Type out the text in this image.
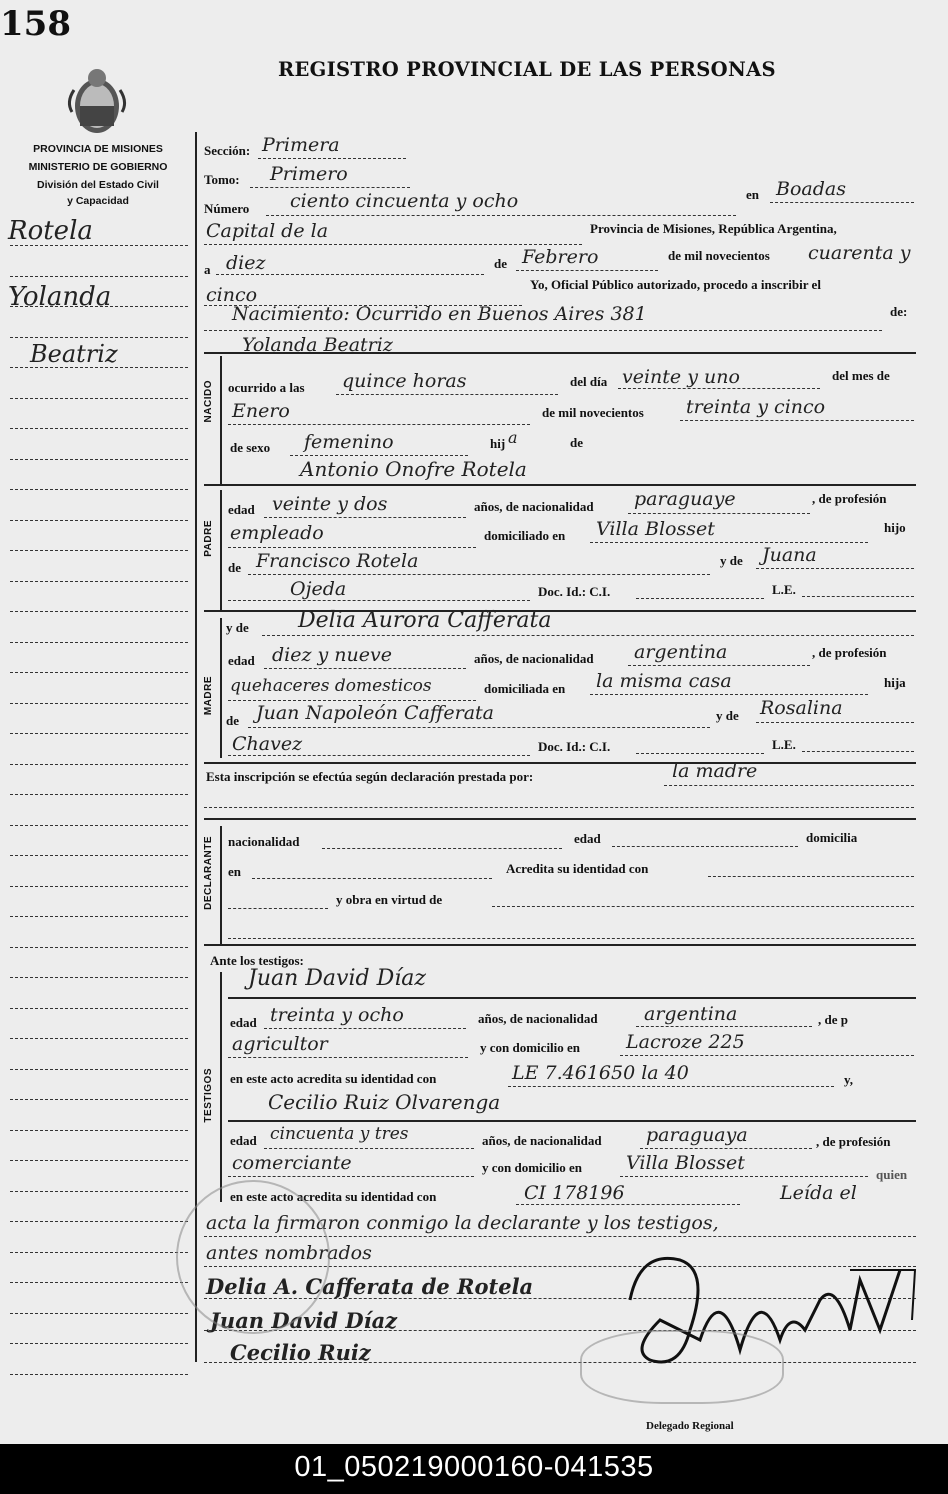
158
REGISTRO PROVINCIAL DE LAS PERSONAS
PROVINCIA DE MISIONES
MINISTERIO DE GOBIERNO
División del Estado Civil
y Capacidad
Rotela
Yolanda
Beatriz
Sección: Primera
Tomo: Primero
Número ciento cincuenta y ocho	en Boadas
Capital de la	Provincia de Misiones, República Argentina,
a diez	de Febrero	de mil novecientos cuarenta y
cinco	Yo, Oficial Público autorizado, procedo a inscribir el
Nacimiento: Ocurrido en Buenos Aires 381	de:
Yolanda Beatriz
NACIDO ocurrido a las quince horas	del día veinte y uno	del mes de
Enero	de mil novecientos treinta y cinco
de sexo femenino	hij a	de
Antonio Onofre Rotela
PADRE
edad veinte y dos	años, de nacionalidad paraguaye	, de profesión
empleado	domiciliado en Villa Blosset	hijo
de Francisco Rotela	y de Juana
Ojeda	Doc. Id.: C.I.	L.E.
MADRE
y de Delia Aurora Cafferata
edad diez y nueve	años, de nacionalidad argentina	, de profesión
quehaceres domesticos	domiciliada en la misma casa	hija
de Juan Napoleón Cafferata	y de Rosalina
Chavez	Doc. Id.: C.I.	L.E.
Esta inscripción se efectúa según declaración prestada por:	la madre
DECLARANTE nacionalidad	edad	domicilia
en	Acredita su identidad con
y obra en virtud de
Ante los testigos:
TESTIGOS
Juan David Díaz
edad treinta y ocho	años, de nacionalidad argentina	, de p
agricultor	y con domicilio en Lacroze 225
en este acto acredita su identidad con	LE 7.461650 la 40	y,
Cecilio Ruiz Olvarenga
edad cincuenta y tres	años, de nacionalidad paraguaya	, de profesión
comerciante	y con domicilio en Villa Blosset
quien
en este acto acredita su identidad con	CI 178196	Leída el
acta la firmaron conmigo la declarante y los testigos,
antes nombrados
Delia A. Cafferata de Rotela
Juan David Díaz
Cecilio Ruiz
Delegado Regional
01_050219000160-041535
